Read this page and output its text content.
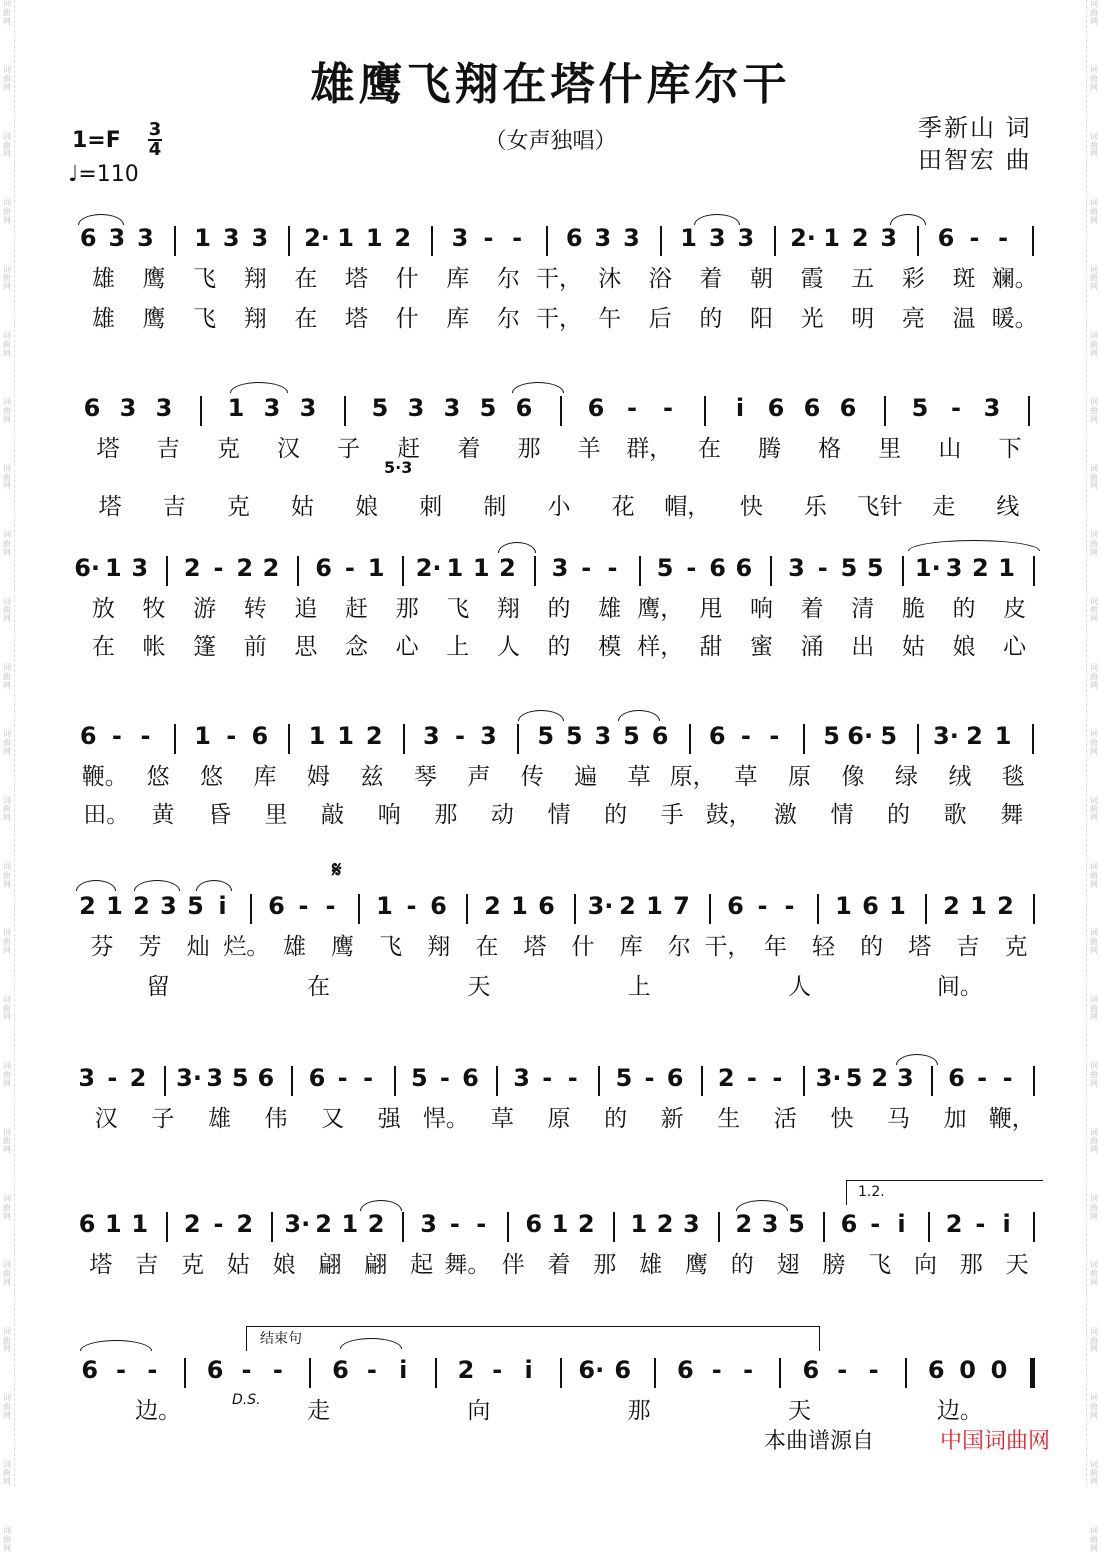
词曲网
词曲网
词曲网
词曲网
词曲网
词曲网
词曲网
词曲网
词曲网
词曲网
词曲网
词曲网
词曲网
词曲网
词曲网
词曲网
词曲网
词曲网
词曲网
词曲网
词曲网
词曲网
词曲网
词曲网
词曲网
词曲网
词曲网
词曲网
词曲网
词曲网
词曲网
词曲网
词曲网
词曲网
词曲网
词曲网
词曲网
词曲网
词曲网
词曲网
词曲网
词曲网
词曲网
词曲网
词曲网
词曲网
词曲网
词曲网
雄鹰飞翔在塔什库尔干
（女声独唱）
1=F 3
4
♩=110
季新山 词
田智宏 曲
6 3 3 1 3 3 2· 1 1 2 3 - - 6 3 3 1 3 3 2· 1 2 3 6 - -
雄 鹰 飞 翔 在 塔 什 库 尔 干， 沐 浴 着 朝 霞 五 彩 斑 斓。
雄 鹰 飞 翔 在 塔 什 库 尔 干， 午 后 的 阳 光 明 亮 温 暖。
6 3 3 1 3 3 5 3 3 5 6 6 - -	i 6 6 6 5 - 3
塔 吉 克 汉 子 赶 着 那 羊 群， 在 腾 格 里 山 下
塔 吉 克 姑 娘 刺 制 小 花 帽， 快 乐 飞针 走 线
6· 1 3 2 - 2 2 6 - 1 2· 1 1 2 3 - - 5 - 6 6 3 - 5 5 1· 3 2 1
放 牧 游 转 追 赶 那 飞 翔 的 雄 鹰， 甩 响 着 清 脆 的 皮
在 帐 篷 前 思 念 心 上 人 的 模 样， 甜 蜜 涌 出 姑 娘 心
6 - - 1 - 6 1 1 2 3 - 3 5 5 3 5 6 6 - - 5 6· 5 3· 2 1
鞭。 悠 悠 库 姆 兹 琴 声 传 遍 草 原， 草 原 像 绿 绒 毯
田。 黄 昏 里 敲 响 那 动 情 的 手 鼓， 激 情 的 歌 舞
2 1 2 3 5 i 6 - - 1 - 6 2 1 6 3· 2 1 7 6 - - 1 6 1 2 1 2
芬 芳 灿 烂。 雄 鹰 飞 翔 在 塔 什 库 尔 干， 年 轻 的 塔 吉 克
留	在	天	上	人	间。
3 - 2 3· 3 5 6 6 - - 5 - 6 3 - - 5 - 6 2 - - 3· 5 2 3 6 - -
汉 子 雄 伟 又 强 悍。 草 原 的 新 生 活 快 马 加 鞭，
6 1 1 2 - 2 3· 2 1 2 3 - - 6 1 2 1 2 3 2 3 5 6 - i 2 - i
塔 吉 克 姑 娘 翩 翩 起 舞。 伴 着 那 雄 鹰 的 翅 膀 飞 向 那 天
6 - - 6 - - 6 - i 2 - i 6· 6 6 - - 6 - - 6 0 0
边。	走	向	那	天	边。
𝄋
D.S.
1.2.
结束句
5·3
本曲谱源自	中国词曲网
